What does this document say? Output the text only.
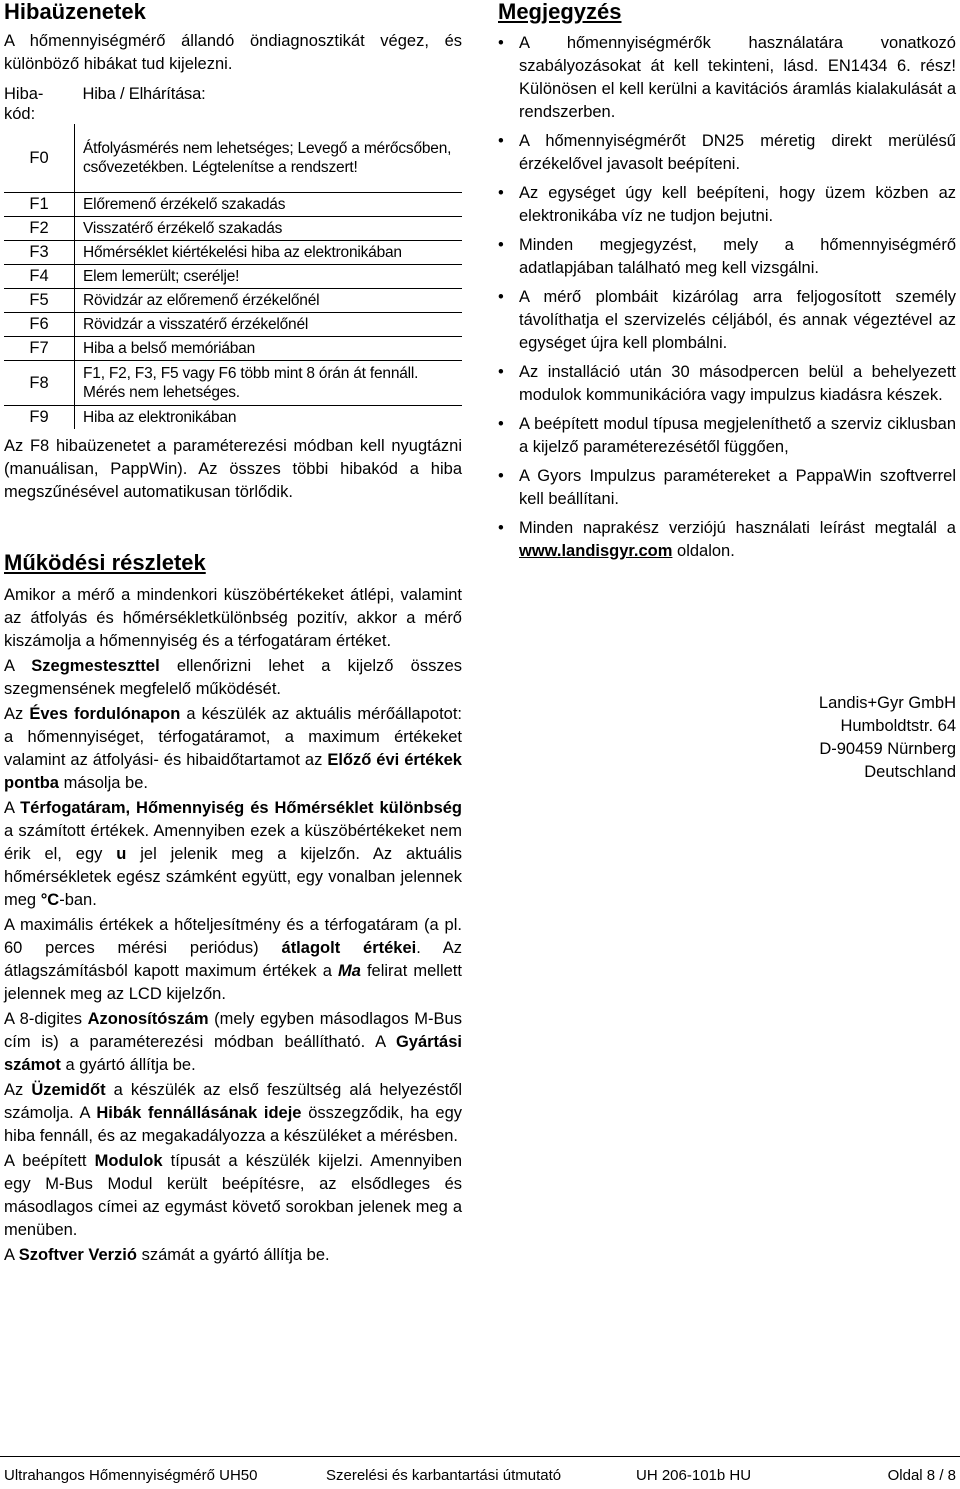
Hibaüzenetek

A hőmennyiségmérő állandó öndiagnosztikát végez, és különböző hibákat tud kijelezni.

Hiba-
kód:	Hiba / Elhárítása:
F0	Átfolyásmérés nem lehetséges; Levegő a mérőcsőben, csővezetékben. Légtelenítse a rendszert!
F1	Előremenő érzékelő szakadás
F2	Visszatérő érzékelő szakadás
F3	Hőmérséklet kiértékelési hiba az elektronikában
F4	Elem lemerült; cserélje!
F5	Rövidzár az előremenő érzékelőnél
F6	Rövidzár a visszatérő érzékelőnél
F7	Hiba a belső memóriában
F8	F1, F2, F3, F5 vagy F6 több mint 8 órán át fennáll. Mérés nem lehetséges.
F9	Hiba az elektronikában

Az F8 hibaüzenetet a paraméterezési módban kell nyugtázni (manuálisan, PappWin). Az összes többi hibakód a hiba megszűnésével automatikusan törlődik.

Működési részletek

Amikor a mérő a mindenkori küszöbértékeket átlépi, valamint az átfolyás és hőmérsékletkülönbség pozitív, akkor a mérő kiszámolja a hőmennyiség és a térfogatáram értéket.

A Szegmesteszttel ellenőrizni lehet a kijelző összes szegmensének megfelelő működését.

Az Éves fordulónapon a készülék az aktuális mérőállapotot: a hőmennyiséget, térfogatáramot, a maximum értékeket valamint az átfolyási- és hibaidőtartamot az Előző évi értékek pontba másolja be.

A Térfogatáram, Hőmennyiség és Hőmérséklet különbség a számított értékek. Amennyiben ezek a küszöbértékeket nem érik el, egy u jel jelenik meg a kijelzőn. Az aktuális hőmérsékletek egész számként együtt, egy vonalban jelennek meg °C-ban.

A maximális értékek a hőteljesítmény és a térfogatáram (a pl. 60 perces mérési periódus) átlagolt értékei. Az átlagszámításból kapott maximum értékek a Ma felirat mellett jelennek meg az LCD kijelzőn.

A 8-digites Azonosítószám (mely egyben másodlagos M-Bus cím is) a paraméterezési módban beállítható. A Gyártási számot a gyártó állítja be.

Az Üzemidőt a készülék az első feszültség alá helyezéstől számolja. A Hibák fennállásának ideje összegződik, ha egy hiba fennáll, és az megakadályozza a készüléket a mérésben.

A beépített Modulok típusát a készülék kijelzi. Amennyiben egy M-Bus Modul került beépítésre, az elsődleges és másodlagos címei az egymást követő sorokban jelenek meg a menüben.

A Szoftver Verzió számát a gyártó állítja be.

Megjegyzés
• A hőmennyiségmérők használatára vonatkozó szabályozásokat át kell tekinteni, lásd. EN1434 6. rész! Különösen el kell kerülni a kavitációs áramlás kialakulását a rendszerben.
• A hőmennyiségmérőt DN25 méretig direkt merülésű érzékelővel javasolt beépíteni.
• Az egységet úgy kell beépíteni, hogy üzem közben az elektronikába víz ne tudjon bejutni.
• Minden megjegyzést, mely a hőmennyiségmérő adatlapjában található meg kell vizsgálni.
• A mérő plombáit kizárólag arra feljogosított személy távolíthatja el szervizelés céljából, és annak végeztével az egységet újra kell plombálni.
• Az installáció után 30 másodpercen belül a behelyezett modulok kommunikációra vagy impulzus kiadásra készek.
• A beépített modul típusa megjeleníthető a szerviz ciklusban a kijelző paraméterezésétől függően,
• A Gyors Impulzus paramétereket a PappaWin szoftverrel kell beállítani.
• Minden naprakész verziójú használati leírást megtalál a www.landisgyr.com oldalon.
Landis+Gyr GmbH
Humboldtstr. 64
D-90459 Nürnberg
Deutschland
Ultrahangos Hőmennyiségmérő UH50	Szerelési és karbantartási útmutató	UH 206-101b HU	Oldal 8 / 8
